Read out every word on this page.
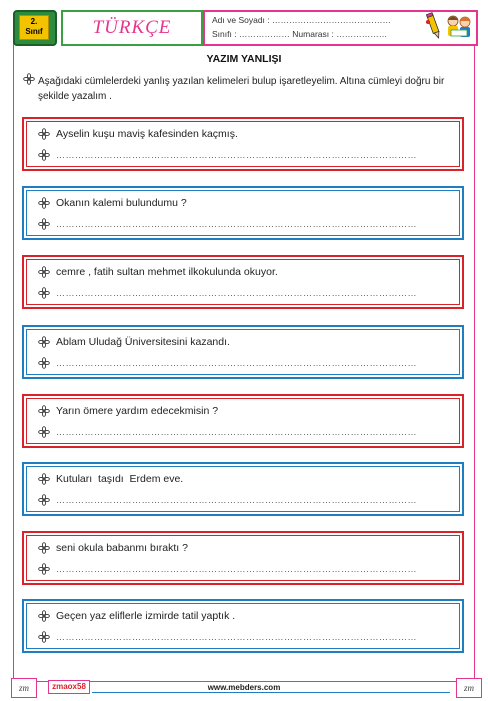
2.
Sınıf	TÜRKÇE	Adı ve Soyadı : ……………………………………
Sınıfı : ……………… Numarası : ………………
YAZIM YANLIŞI
Aşağıdaki cümlelerdeki yanlış yazılan kelimeleri bulup işaretleyelim. Altına cümleyi doğru bir şekilde yazalım .
Ayselin kuşu maviş kafesinden kaçmış.
……………………………………………………………………………………………………
Okanın kalemi bulundumu ?
……………………………………………………………………………………………………
cemre , fatih sultan mehmet ilkokulunda okuyor.
……………………………………………………………………………………………………
Ablam Uludağ Üniversitesini kazandı.
……………………………………………………………………………………………………
Yarın ömere yardım edecekmisin ?
……………………………………………………………………………………………………
Kutuları  taşıdı  Erdem eve.
……………………………………………………………………………………………………
seni okula babanmı bıraktı ?
……………………………………………………………………………………………………
Geçen yaz eliflerle izmirde tatil yaptık .
……………………………………………………………………………………………………
zm	zm
zmaox58	www.mebders.com
